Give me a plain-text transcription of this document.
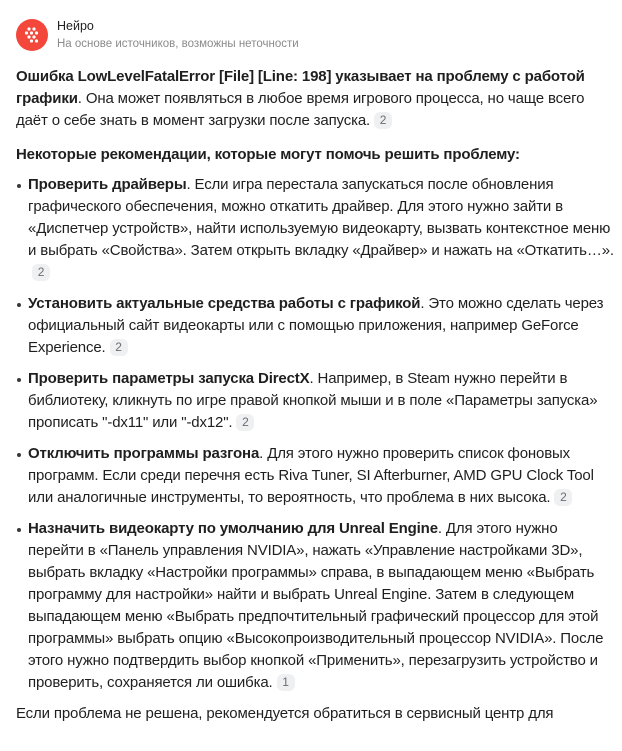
Нейро
На основе источников, возможны неточности

Ошибка LowLevelFatalError [File] [Line: 198] указывает на проблему с работой графики. Она может появляться в любое время игрового процесса, но чаще всего даёт о себе знать в момент загрузки после запуска. 2

Некоторые рекомендации, которые могут помочь решить проблему:

Проверить драйверы. Если игра перестала запускаться после обновления графического обеспечения, можно откатить драйвер. Для этого нужно зайти в «Диспетчер устройств», найти используемую видеокарту, вызвать контекстное меню и выбрать «Свойства». Затем открыть вкладку «Драйвер» и нажать на «Откатить…».2
Установить актуальные средства работы с графикой. Это можно сделать через официальный сайт видеокарты или с помощью приложения, например GeForce Experience. 2
Проверить параметры запуска DirectX. Например, в Steam нужно перейти в библиотеку, кликнуть по игре правой кнопкой мыши и в поле «Параметры запуска» прописать "-dx11" или "-dx12". 2
Отключить программы разгона. Для этого нужно проверить список фоновых программ. Если среди перечня есть Riva Tuner, SI Afterburner, AMD GPU Clock Tool или аналогичные инструменты, то вероятность, что проблема в них высока. 2
Назначить видеокарту по умолчанию для Unreal Engine. Для этого нужно перейти в «Панель управления NVIDIA», нажать «Управление настройками 3D», выбрать вкладку «Настройки программы» справа, в выпадающем меню «Выбрать программу для настройки» найти и выбрать Unreal Engine. Затем в следующем выпадающем меню «Выбрать предпочтительный графический процессор для этой программы» выбрать опцию «Высокопроизводительный процессор NVIDIA». После этого нужно подтвердить выбор кнопкой «Применить», перезагрузить устройство и проверить, сохраняется ли ошибка. 1

Если проблема не решена, рекомендуется обратиться в сервисный центр для
